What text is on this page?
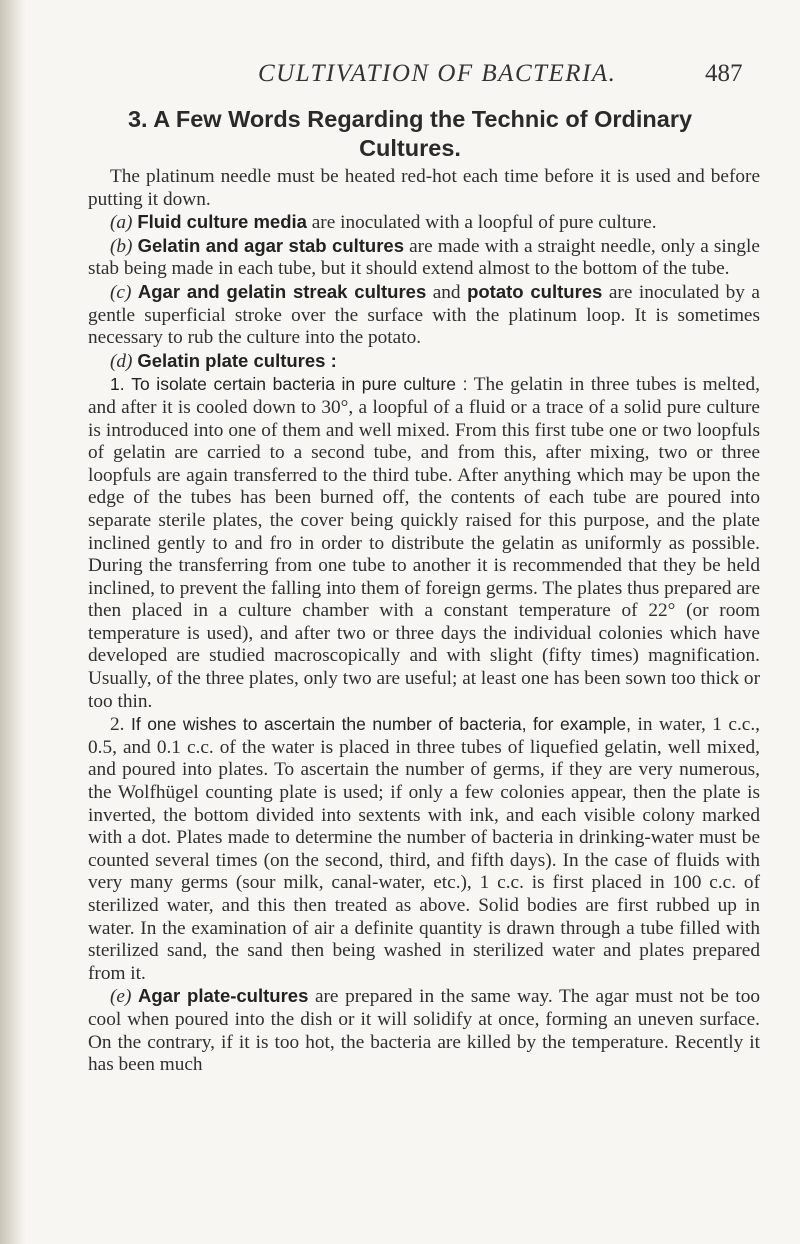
CULTIVATION OF BACTERIA.	487
3. A Few Words Regarding the Technic of Ordinary
Cultures.

The platinum needle must be heated red-hot each time before it is used and before putting it down.

(a) Fluid culture media are inoculated with a loopful of pure culture.

(b) Gelatin and agar stab cultures are made with a straight needle, only a single stab being made in each tube, but it should extend almost to the bottom of the tube.

(c) Agar and gelatin streak cultures and potato cultures are inoculated by a gentle superficial stroke over the surface with the platinum loop. It is sometimes necessary to rub the culture into the potato.

(d) Gelatin plate cultures :

1. To isolate certain bacteria in pure culture : The gelatin in three tubes is melted, and after it is cooled down to 30°, a loopful of a fluid or a trace of a solid pure culture is introduced into one of them and well mixed. From this first tube one or two loopfuls of gelatin are carried to a second tube, and from this, after mixing, two or three loopfuls are again transferred to the third tube. After anything which may be upon the edge of the tubes has been burned off, the contents of each tube are poured into separate sterile plates, the cover being quickly raised for this purpose, and the plate inclined gently to and fro in order to distribute the gelatin as uniformly as possible. During the transferring from one tube to another it is recommended that they be held inclined, to prevent the falling into them of foreign germs. The plates thus prepared are then placed in a culture chamber with a constant temperature of 22° (or room temperature is used), and after two or three days the individual colonies which have developed are studied macroscopically and with slight (fifty times) magnification. Usually, of the three plates, only two are useful; at least one has been sown too thick or too thin.

2. If one wishes to ascertain the number of bacteria, for example, in water, 1 c.c., 0.5, and 0.1 c.c. of the water is placed in three tubes of liquefied gelatin, well mixed, and poured into plates. To ascertain the number of germs, if they are very numerous, the Wolfhügel counting plate is used; if only a few colonies appear, then the plate is inverted, the bottom divided into sextents with ink, and each visible colony marked with a dot. Plates made to determine the number of bacteria in drinking-water must be counted several times (on the second, third, and fifth days). In the case of fluids with very many germs (sour milk, canal-water, etc.), 1 c.c. is first placed in 100 c.c. of sterilized water, and this then treated as above. Solid bodies are first rubbed up in water. In the examination of air a definite quantity is drawn through a tube filled with sterilized sand, the sand then being washed in sterilized water and plates prepared from it.

(e) Agar plate-cultures are prepared in the same way. The agar must not be too cool when poured into the dish or it will solidify at once, forming an uneven surface. On the contrary, if it is too hot, the bacteria are killed by the temperature. Recently it has been much
